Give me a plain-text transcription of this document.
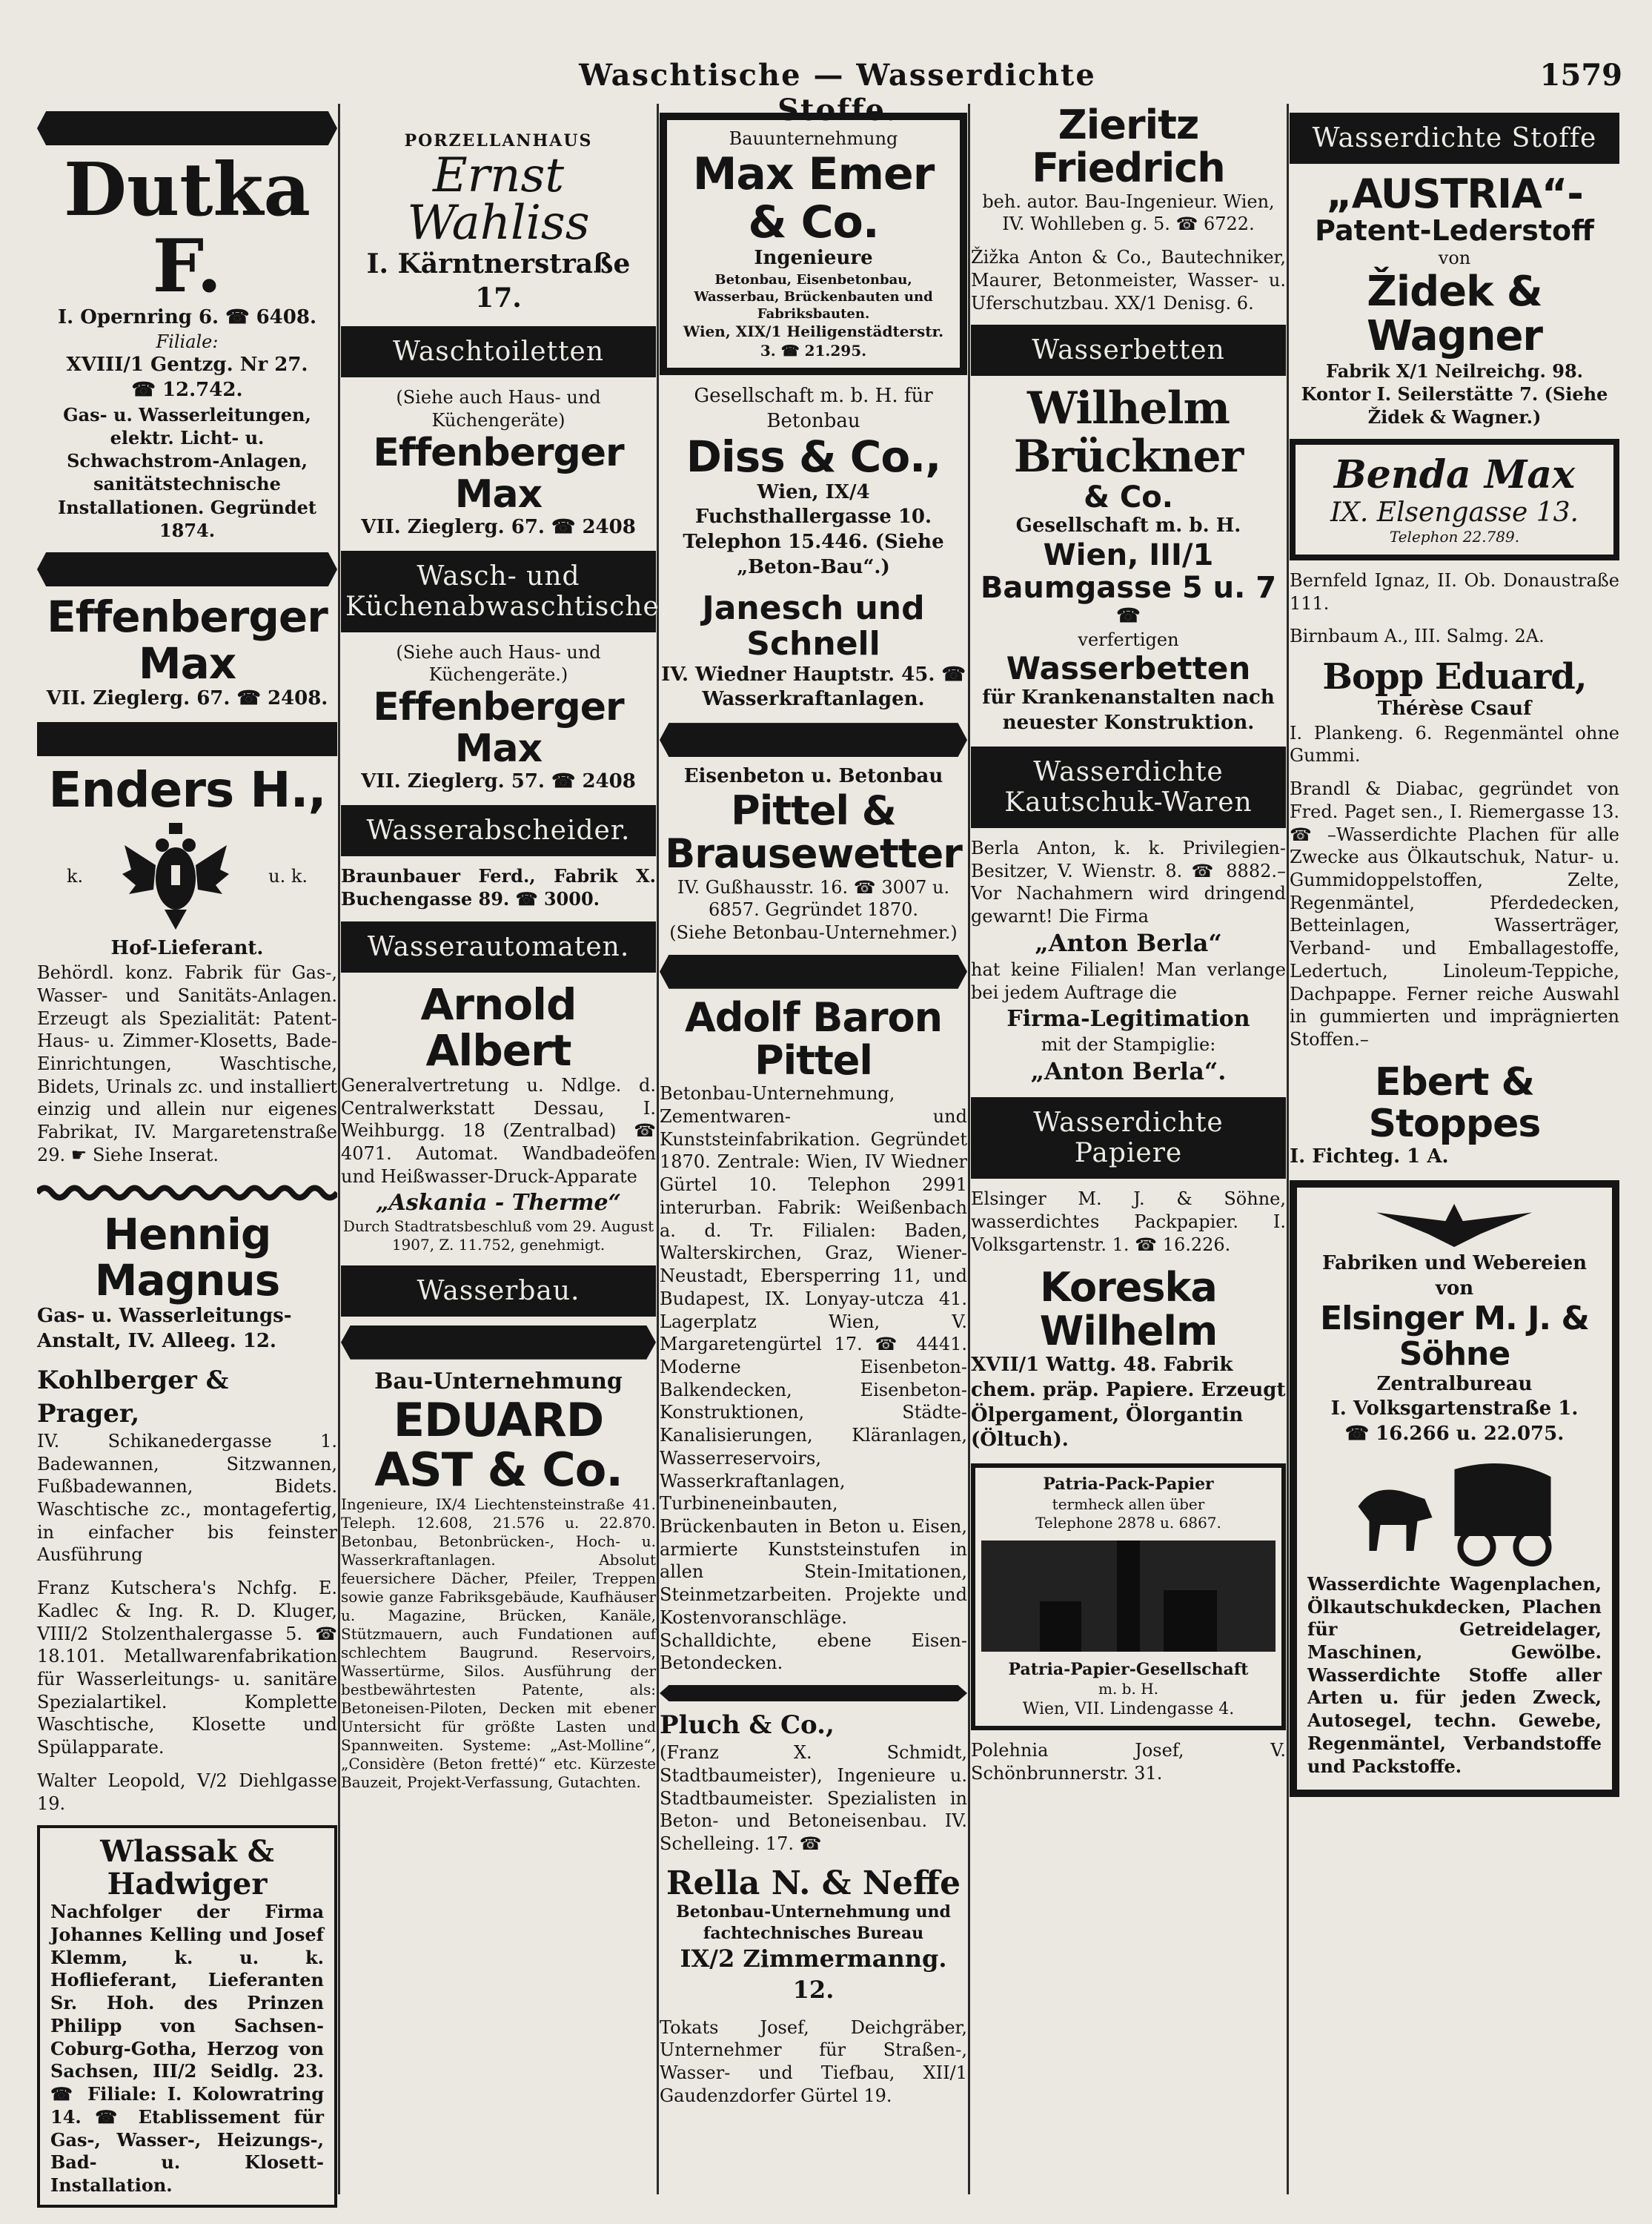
Waschtische — Wasserdichte Stoffe.
1579
Dutka F.
I. Opernring 6. ☎ 6408.
Filiale:
XVIII/1 Gentzg. Nr 27.
☎ 12.742.
Gas- u. Wasserleitungen, elektr. Licht- u. Schwachstrom-Anlagen, sanitätstechnische Installationen. Gegründet 1874.
Effenberger Max
VII. Zieglerg. 67. ☎ 2408.
Enders H.,
k.	u. k.
Hof-Lieferant.
Behördl. konz. Fabrik für Gas-, Wasser- und Sanitäts-Anlagen. Erzeugt als Spezialität: Patent-Haus- u. Zimmer-Klosetts, Bade-Einrichtungen, Waschtische, Bidets, Urinals zc. und installiert einzig und allein nur eigenes Fabrikat, IV. Margaretenstraße 29. ☛ Siehe Inserat.
Hennig Magnus
Gas- u. Wasserleitungs-Anstalt, IV. Alleeg. 12.
Kohlberger & Prager,
IV. Schikanedergasse 1. Badewannen, Sitzwannen, Fußbadewannen, Bidets. Waschtische zc., montagefertig, in einfacher bis feinster Ausführung
Franz Kutschera's Nchfg. E. Kadlec & Ing. R. D. Kluger, VIII/2 Stolzenthalergasse 5. ☎ 18.101. Metallwarenfabrikation für Wasserleitungs- u. sanitäre Spezialartikel. Komplette Waschtische, Klosette und Spülapparate.
Walter Leopold, V/2 Diehlgasse 19.
Wlassak & Hadwiger
Nachfolger der Firma Johannes Kelling und Josef Klemm, k. u. k. Hoflieferant, Lieferanten Sr. Hoh. des Prinzen Philipp von Sachsen-Coburg-Gotha, Herzog von Sachsen, III/2 Seidlg. 23. ☎ Filiale: I. Kolowratring 14. ☎ Etablissement für Gas-, Wasser-, Heizungs-, Bad- u. Klosett-Installation.
PORZELLANHAUS
Ernst Wahliss
I. Kärntnerstraße 17.
Waschtoiletten
(Siehe auch Haus- und Küchengeräte)
Effenberger Max
VII. Zieglerg. 67. ☎ 2408
Wasch- und Küchenabwaschtische.
(Siehe auch Haus- und Küchengeräte.)
Effenberger Max
VII. Zieglerg. 57. ☎ 2408
Wasserabscheider.
Braunbauer Ferd., Fabrik X. Buchengasse 89. ☎ 3000.
Wasserautomaten.
Arnold Albert
Generalvertretung u. Ndlge. d. Centralwerkstatt Dessau, I. Weihburgg. 18 (Zentralbad) ☎ 4071. Automat. Wandbadeöfen und Heißwasser-Druck-Apparate
„Askania - Therme“
Durch Stadtratsbeschluß vom 29. August 1907, Z. 11.752, genehmigt.
Wasserbau.
Bau-Unternehmung
EDUARD AST & Co.
Ingenieure, IX/4 Liechtensteinstraße 41. Teleph. 12.608, 21.576 u. 22.870. Betonbau, Betonbrücken-, Hoch- u. Wasserkraftanlagen. Absolut feuersichere Dächer, Pfeiler, Treppen sowie ganze Fabriksgebäude, Kaufhäuser u. Magazine, Brücken, Kanäle, Stützmauern, auch Fundationen auf schlechtem Baugrund. Reservoirs, Wassertürme, Silos. Ausführung der bestbewährtesten Patente, als: Betoneisen-Piloten, Decken mit ebener Untersicht für größte Lasten und Spannweiten. Systeme: „Ast-Molline“, „Considère (Beton fretté)“ etc. Kürzeste Bauzeit, Projekt-Verfassung, Gutachten.
Bauunternehmung
Max Emer & Co.
Ingenieure
Betonbau, Eisenbetonbau, Wasserbau, Brückenbauten und Fabriksbauten.
Wien, XIX/1 Heiligenstädterstr. 3. ☎ 21.295.
Gesellschaft m. b. H. für Betonbau
Diss & Co.,
Wien, IX/4 Fuchsthallergasse 10. Telephon 15.446. (Siehe „Beton-Bau“.)
Janesch und Schnell
IV. Wiedner Hauptstr. 45. ☎ Wasserkraftanlagen.
Eisenbeton u. Betonbau
Pittel & Brausewetter
IV. Gußhausstr. 16. ☎ 3007 u. 6857. Gegründet 1870.
(Siehe Betonbau-Unternehmer.)
Adolf Baron Pittel
Betonbau-Unternehmung, Zementwaren- und Kunststeinfabrikation. Gegründet 1870. Zentrale: Wien, IV Wiedner Gürtel 10. Telephon 2991 interurban. Fabrik: Weißenbach a. d. Tr. Filialen: Baden, Walterskirchen, Graz, Wiener-Neustadt, Ebersperring 11, und Budapest, IX. Lonyay-utcza 41. Lagerplatz Wien, V. Margaretengürtel 17. ☎ 4441. Moderne Eisenbeton-Balkendecken, Eisenbeton-Konstruktionen, Städte-Kanalisierungen, Kläranlagen, Wasserreservoirs, Wasserkraftanlagen, Turbineneinbauten, Brückenbauten in Beton u. Eisen, armierte Kunststeinstufen in allen Stein-Imitationen, Steinmetzarbeiten. Projekte und Kostenvoranschläge. Schalldichte, ebene Eisen-Betondecken.
Pluch & Co.,
(Franz X. Schmidt, Stadtbaumeister), Ingenieure u. Stadtbaumeister. Spezialisten in Beton- und Betoneisenbau. IV. Schelleing. 17. ☎
Rella N. & Neffe
Betonbau-Unternehmung und fachtechnisches Bureau
IX/2 Zimmermanng. 12.
Tokats Josef, Deichgräber, Unternehmer für Straßen-, Wasser- und Tiefbau, XII/1 Gaudenzdorfer Gürtel 19.
Zieritz Friedrich
beh. autor. Bau-Ingenieur. Wien, IV. Wohlleben g. 5. ☎ 6722.
Žižka Anton & Co., Bautechniker, Maurer, Betonmeister, Wasser- u. Uferschutzbau. XX/1 Denisg. 6.
Wasserbetten
Wilhelm Brückner
& Co.
Gesellschaft m. b. H.
Wien, III/1 Baumgasse 5 u. 7
☎
verfertigen
Wasserbetten
für Krankenanstalten nach neuester Konstruktion.
Wasserdichte Kautschuk-Waren
Berla Anton, k. k. Privilegien-Besitzer, V. Wienstr. 8. ☎ 8882.– Vor Nachahmern wird dringend gewarnt! Die Firma
„Anton Berla“
hat keine Filialen! Man verlange bei jedem Auftrage die
Firma-Legitimation
mit der Stampiglie:
„Anton Berla“.
Wasserdichte Papiere
Elsinger M. J. & Söhne, wasserdichtes Packpapier. I. Volksgartenstr. 1. ☎ 16.226.
Koreska Wilhelm
XVII/1 Wattg. 48. Fabrik chem. präp. Papiere. Erzeugt Ölpergament, Ölorgantin (Öltuch).
Patria-Pack-Papier
termheck allen über
Telephone 2878 u. 6867.
Patria-Papier-Gesellschaft
m. b. H.
Wien, VII. Lindengasse 4.
Polehnia Josef, V. Schönbrunnerstr. 31.
Wasserdichte Stoffe
„AUSTRIA“-
Patent-Lederstoff
von
Židek & Wagner
Fabrik X/1 Neilreichg. 98. Kontor I. Seilerstätte 7. (Siehe Židek & Wagner.)
Benda Max
IX. Elsengasse 13.
Telephon 22.789.
Bernfeld Ignaz, II. Ob. Donaustraße 111.
Birnbaum A., III. Salmg. 2A.
Bopp Eduard,
Thérèse Csauf
I. Plankeng. 6. Regenmäntel ohne Gummi.
Brandl & Diabac, gegründet von Fred. Paget sen., I. Riemergasse 13. ☎ –Wasserdichte Plachen für alle Zwecke aus Ölkautschuk, Natur- u. Gummidoppelstoffen, Zelte, Regenmäntel, Pferdedecken, Betteinlagen, Wasserträger, Verband- und Emballagestoffe, Ledertuch, Linoleum-Teppiche, Dachpappe. Ferner reiche Auswahl in gummierten und imprägnierten Stoffen.–
Ebert & Stoppes
I. Fichteg. 1 A.
Fabriken und Webereien von
Elsinger M. J. & Söhne
Zentralbureau
I. Volksgartenstraße 1.
☎ 16.266 u. 22.075.
Wasserdichte Wagenplachen, Ölkautschukdecken, Plachen für Getreidelager, Maschinen, Gewölbe. Wasserdichte Stoffe aller Arten u. für jeden Zweck, Autosegel, techn. Gewebe, Regenmäntel, Verbandstoffe und Packstoffe.
